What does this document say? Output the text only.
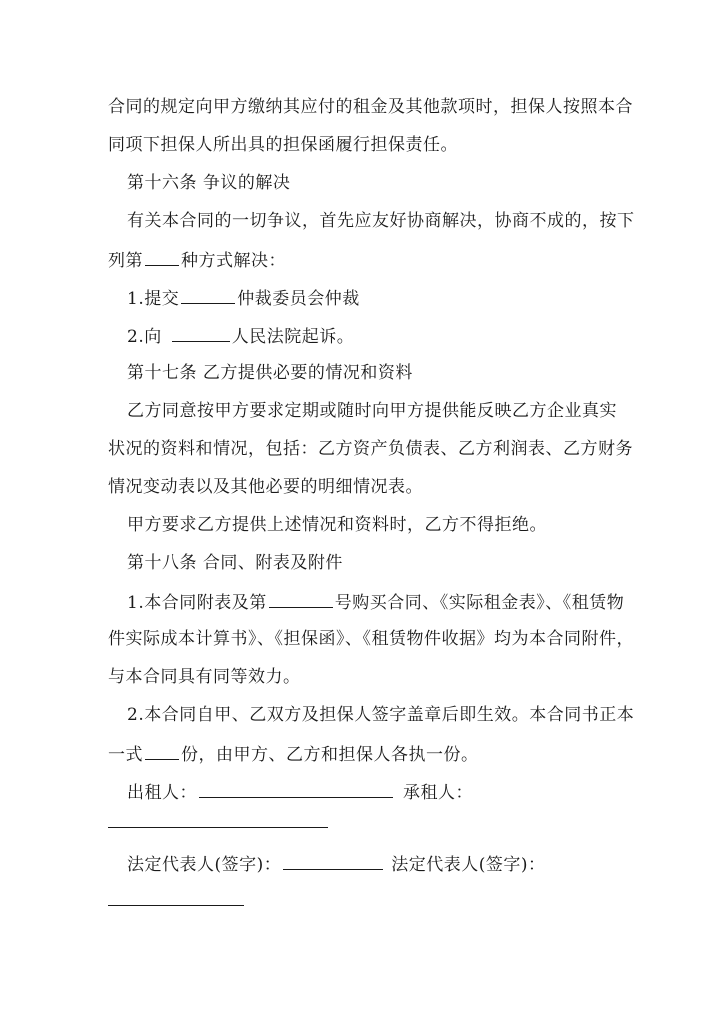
合同的规定向甲方缴纳其应付的租金及其他款项时，担保人按照本合
同项下担保人所出具的担保函履行担保责任。
第十六条 争议的解决
有关本合同的一切争议，首先应友好协商解决，协商不成的，按下
列第 种方式解决：
1.提交	仲裁委员会仲裁
2.向	人民法院起诉。
第十七条 乙方提供必要的情况和资料
乙方同意按甲方要求定期或随时向甲方提供能反映乙方企业真实
状况的资料和情况，包括：乙方资产负债表、乙方利润表、乙方财务
情况变动表以及其他必要的明细情况表。
甲方要求乙方提供上述情况和资料时，乙方不得拒绝。
第十八条 合同、附表及附件
1.本合同附表及第	号购买合同、《实际租金表》、《租赁物
件实际成本计算书》、《担保函》、《租赁物件收据》均为本合同附件，
与本合同具有同等效力。
2.本合同自甲、乙双方及担保人签字盖章后即生效。本合同书正本
一式 份，由甲方、乙方和担保人各执一份。
出租人：	承租人：
法定代表人(签字)：	法定代表人(签字)：
